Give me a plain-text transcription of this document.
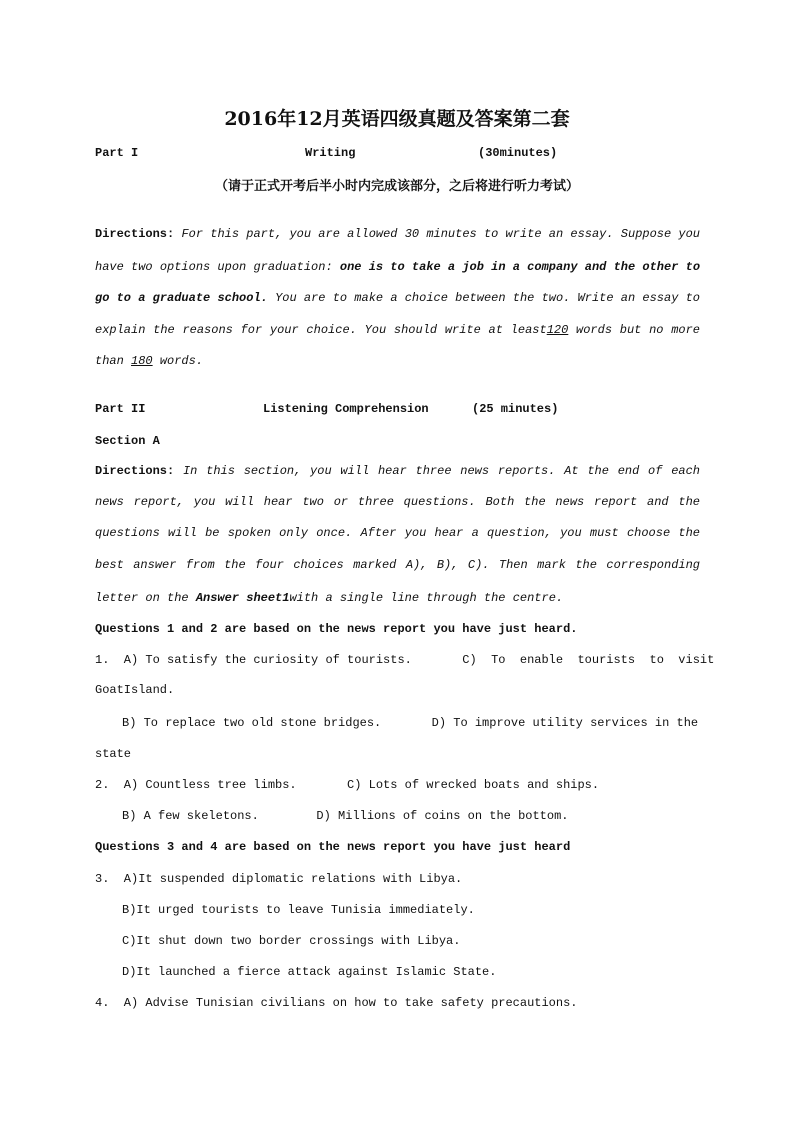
2016年12月英语四级真题及答案第二套
Part I	Writing	(30minutes)
（请于正式开考后半小时内完成该部分，之后将进行听力考试）
Directions: For this part, you are allowed 30 minutes to write an essay. Suppose you
have two options upon graduation: one is to take a job in a company and the other to
go to a graduate school. You are to make a choice between the two. Write an essay to
explain the reasons for your choice. You should write at least120 words but no more
than 180 words.
Part II	Listening Comprehension	(25 minutes)
Section A
Directions: In this section, you will hear three news reports. At the end of each
news report, you will hear two or three questions. Both the news report and the
questions will be spoken only once. After you hear a question, you must choose the
best answer from the four choices marked A), B), C). Then mark the corresponding
letter on the Answer sheet1with a single line through the centre.
Questions 1 and 2 are based on the news report you have just heard.
1.  A) To satisfy the curiosity of tourists.       C)  To  enable  tourists  to  visit
GoatIsland.
B) To replace two old stone bridges.       D) To improve utility services in the
state
2.  A) Countless tree limbs.       C) Lots of wrecked boats and ships.
B) A few skeletons.        D) Millions of coins on the bottom.
Questions 3 and 4 are based on the news report you have just heard
3.  A)It suspended diplomatic relations with Libya.
B)It urged tourists to leave Tunisia immediately.
C)It shut down two border crossings with Libya.
D)It launched a fierce attack against Islamic State.
4.  A) Advise Tunisian civilians on how to take safety precautions.
